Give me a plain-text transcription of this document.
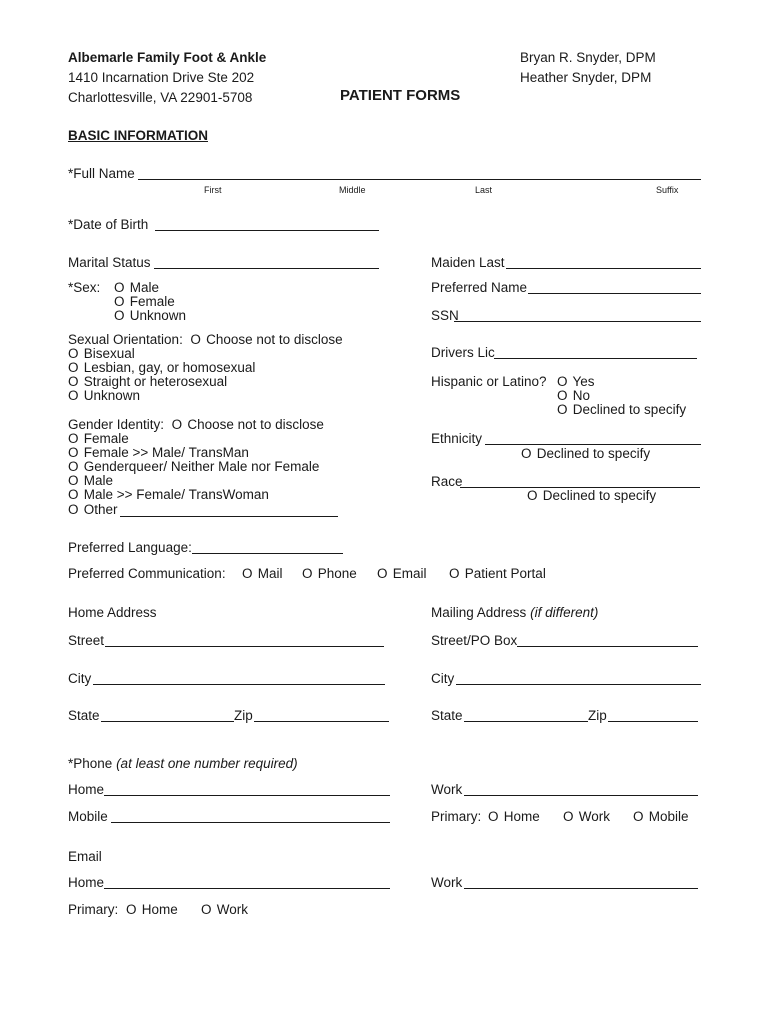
Albemarle Family Foot & Ankle
1410 Incarnation Drive Ste 202
Charlottesville, VA 22901-5708
Bryan R. Snyder, DPM
Heather Snyder, DPM
PATIENT FORMS
BASIC INFORMATION
*Full Name
First	Middle	Last	Suffix
*Date of Birth
Marital Status	Maiden Last
*Sex: O Male
O Female
O Unknown
Preferred Name
SSN
Sexual Orientation: O Choose not to disclose
O Bisexual
O Lesbian, gay, or homosexual
O Straight or heterosexual
O Unknown
Drivers Lic
Hispanic or Latino? O Yes
O No
O Declined to specify
Gender Identity: O Choose not to disclose
O Female
O Female >> Male/ TransMan
O Genderqueer/ Neither Male nor Female
O Male
O Male >> Female/ TransWoman
O Other
Ethnicity
O Declined to specify
Race
O Declined to specify
Preferred Language:
Preferred Communication: O Mail O Phone O Email O Patient Portal
Home Address
Street
City
State	Zip
Mailing Address (if different)
Street/PO Box
City
State	Zip
*Phone (at least one number required)
Home	Work
Mobile	Primary: O Home O Work O Mobile
Email
Home	Work
Primary: O Home O Work
